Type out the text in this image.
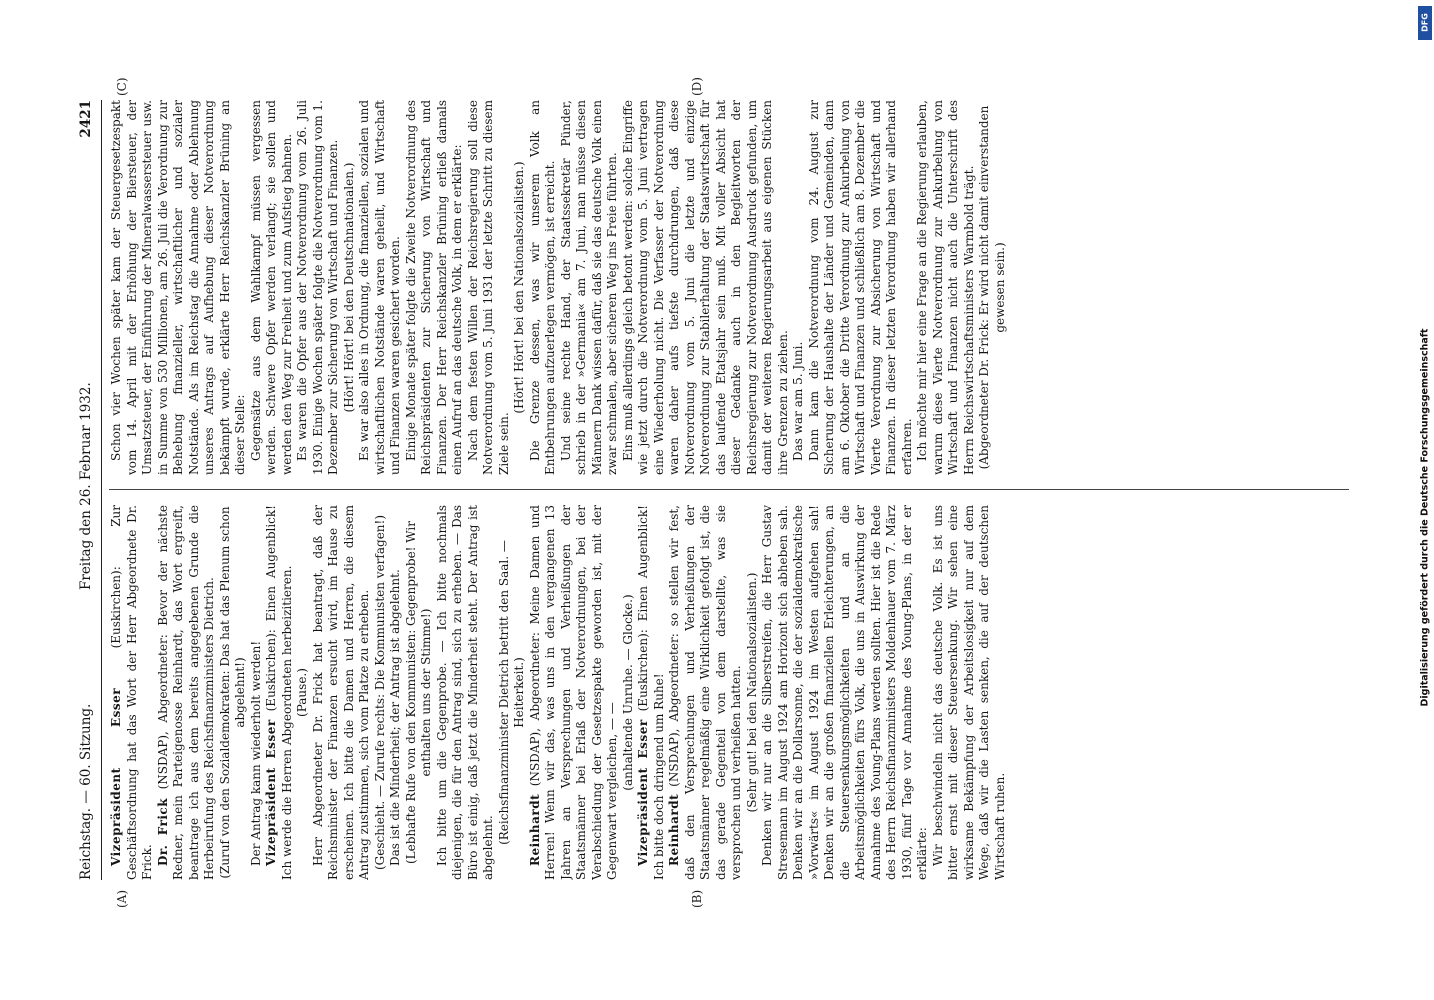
Reichstag. — 60. Sitzung.
Freitag den 26. Februar 1932.
2421

Vizepräsident Esser (Euskirchen): Zur Geschäftsordnung hat das Wort der Herr Abgeordnete Dr. Frick. Dr. Frick (NSDAP), Abgeordneter: Bevor der nächste Redner, mein Parteigenosse Reinhardt, das Wort ergreift, beantrage ich aus dem bereits angegebenen Grunde die Herbeirufung des Reichsfinanzministers Dietrich. (Zuruf von den Sozialdemokraten: Das hat das Plenum schon abgelehnt!) Der Antrag kann wiederholt werden! Vizepräsident Esser (Euskirchen): Einen Augenblick! Ich werde die Herren Abgeordneten herbeizitieren. (Pause.) Herr Abgeordneter Dr. Frick hat beantragt, daß der Reichsminister der Finanzen ersucht wird, im Hause zu erscheinen. Ich bitte die Damen und Herren, die diesem Antrag zustimmen, sich vom Platze zu erheben. (Geschieht. — Zurufe rechts: Die Kommunisten verfagen!) Das ist die Minderheit; der Antrag ist abgelehnt. (Lebhafte Rufe von den Kommunisten: Gegenprobe! Wir enthalten uns der Stimme!) Ich bitte um die Gegenprobe. — Ich bitte nochmals diejenigen, die für den Antrag sind, sich zu erheben. — Das Büro ist einig, daß jetzt die Minderheit steht. Der Antrag ist abgelehnt.

(Reichsfinanzminister Dietrich betritt den Saal. — Heiterkeit.)

Reinhardt (NSDAP), Abgeordneter: Meine Damen und Herren! Wenn wir das, was uns in den vergangenen 13 Jahren an Versprechungen und Verheißungen der Staatsmänner bei Erlaß der Notverordnungen, bei der Verabschiedung der Gesetzespakte geworden ist, mit der Gegenwart vergleichen, — —

(anhaltende Unruhe. — Glocke.)

Vizepräsident Esser (Euskirchen): Einen Augenblick! Ich bitte doch dringend um Ruhe! Reinhardt (NSDAP), Abgeordneter: so stellen wir fest, daß den Versprechungen und Verheißungen der Staatsmänner regelmäßig eine Wirklichkeit gefolgt ist, die das gerade Gegenteil von dem darstellte, was sie versprochen und verheißen hatten. (Sehr gut! bei den Nationalsozialisten.) Denken wir nur an die Silberstreifen, die Herr Gustav Stresemann im August 1924 am Horizont sich abheben sah. Denken wir an die Dollarsonne, die der sozialdemokratische »Vorwärts« im August 1924 im Westen aufgehen sah! Denken wir an die großen finanziellen Erleichterungen, an die Steuersenkungsmöglichkeiten und an die Arbeitsmöglichkeiten fürs Volk, die uns in Auswirkung der Annahme des Young-Plans werden sollten. Hier ist die Rede des Herrn Reichsfinanzministers Moldenhauer vom 7. März 1930, fünf Tage vor Annahme des Young-Plans, in der er erklärte: Wir beschwindeln nicht das deutsche Volk. Es ist uns bitter ernst mit dieser Steuersenkung. Wir sehen eine wirksame Bekämpfung der Arbeitslosigkeit nur auf dem Wege, daß wir die Lasten senken, die auf der deutschen Wirtschaft ruhen.

Schon vier Wochen später kam der Steuergesetzespakt vom 14. April mit der Erhöhung der Biersteuer, der Umsatzsteuer, der Einführung der Mineralwassersteuer usw. in Summe von 530 Millionen, am 26. Juli die Verordnung zur Behebung finanzieller, wirtschaftlicher und sozialer Notstände. Als im Reichstag die Annahme oder Ablehnung unseres Antrags auf Aufhebung dieser Notverordnung bekämpft wurde, erklärte Herr Reichskanzler Brüning an dieser Stelle: Gegensätze aus dem Wahlkampf müssen vergessen werden. Schwere Opfer werden verlangt; sie sollen und werden den Weg zur Freiheit und zum Aufstieg bahnen. Es waren die Opfer aus der Notverordnung vom 26. Juli 1930. Einige Wochen später folgte die Notverordnung vom 1. Dezember zur Sicherung von Wirtschaft und Finanzen. (Hört! Hört! bei den Deutschnationalen.) Es war also alles in Ordnung, die finanziellen, sozialen und wirtschaftlichen Notstände waren geheilt, und Wirtschaft und Finanzen waren gesichert worden. Einige Monate später folgte die Zweite Notverordnung des Reichspräsidenten zur Sicherung von Wirtschaft und Finanzen. Der Herr Reichskanzler Brüning erließ damals einen Aufruf an das deutsche Volk, in dem er erklärte: Nach dem festen Willen der Reichsregierung soll diese Notverordnung vom 5. Juni 1931 der letzte Schritt zu diesem Ziele sein.

(Hört! Hört! bei den Nationalsozialisten.) Die Grenze dessen, was wir unserem Volk an Entbehrungen aufzuerlegen vermögen, ist erreicht. Und seine rechte Hand, der Staatssekretär Pünder, schrieb in der »Germania« am 7. Juni, man müsse diesen Männern Dank wissen dafür, daß sie das deutsche Volk einen zwar schmalen, aber sicheren Weg ins Freie führten. Eins muß allerdings gleich betont werden: solche Eingriffe wie jetzt durch die Notverordnung vom 5. Juni vertragen eine Wiederholung nicht. Die Verfasser der Notverordnung waren daher aufs tiefste durchdrungen, daß diese Notverordnung vom 5. Juni die letzte und einzige Notverordnung zur Stabilerhaltung der Staatswirtschaft für das laufende Etatsjahr sein muß. Mit voller Absicht hat dieser Gedanke auch in den Begleitworten der Reichsregierung zur Notverordnung Ausdruck gefunden, um damit der weiteren Regierungsarbeit aus eigenen Stücken ihre Grenzen zu ziehen. Das war am 5. Juni. Dann kam die Notverordnung vom 24. August zur Sicherung der Haushalte der Länder und Gemeinden, dann am 6. Oktober die Dritte Verordnung zur Ankurbelung von Wirtschaft und Finanzen und schließlich am 8. Dezember die Vierte Verordnung zur Absicherung von Wirtschaft und Finanzen. In dieser letzten Verordnung haben wir allerhand erfahren. Ich möchte mir hier eine Frage an die Regierung erlauben, warum diese Vierte Notverordnung zur Ankurbelung von Wirtschaft und Finanzen nicht auch die Unterschrift des Herrn Reichswirtschaftsministers Warmbold trägt. (Abgeordneter Dr. Frick: Er wird nicht damit einverstanden gewesen sein.)

(A)	(B)
(C)	(D)
DFG
Digitalisierung gefördert durch die Deutsche Forschungsgemeinschaft
